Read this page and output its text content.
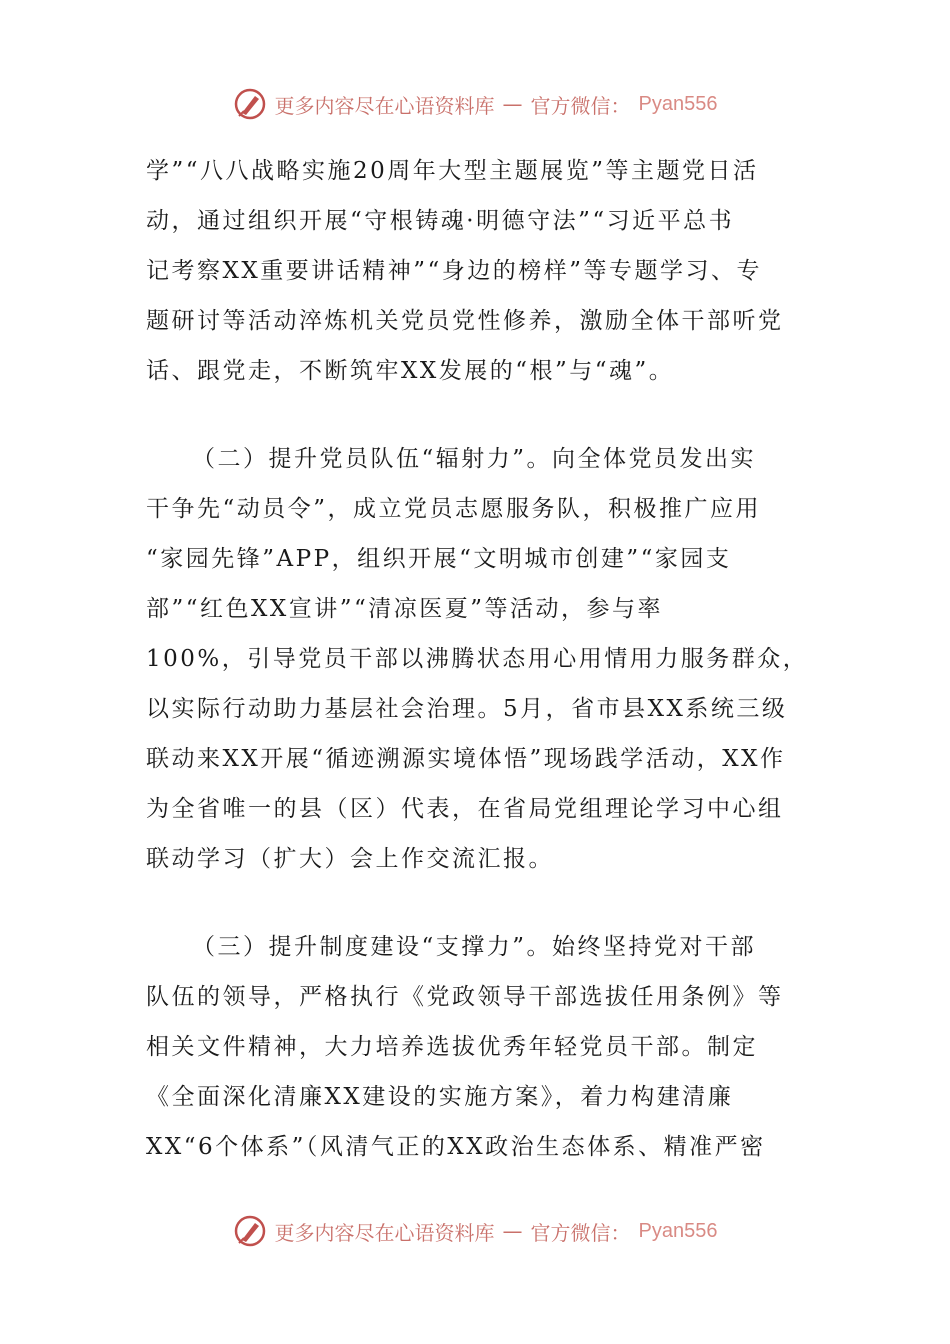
更多内容尽在心语资料库 — 官方微信： Pyan556
学”“八八战略实施20周年大型主题展览”等主题党日活
动，通过组织开展“守根铸魂·明德守法”“习近平总书
记考察XX重要讲话精神”“身边的榜样”等专题学习、专
题研讨等活动淬炼机关党员党性修养，激励全体干部听党
话、跟党走，不断筑牢XX发展的“根”与“魂”。
（二）提升党员队伍“辐射力”。向全体党员发出实
干争先“动员令”，成立党员志愿服务队，积极推广应用
“家园先锋”APP，组织开展“文明城市创建”“家园支
部”“红色XX宣讲”“清凉医夏”等活动，参与率
100%，引导党员干部以沸腾状态用心用情用力服务群众，
以实际行动助力基层社会治理。5月，省市县XX系统三级
联动来XX开展“循迹溯源实境体悟”现场践学活动，XX作
为全省唯一的县（区）代表，在省局党组理论学习中心组
联动学习（扩大）会上作交流汇报。
（三）提升制度建设“支撑力”。始终坚持党对干部
队伍的领导，严格执行《党政领导干部选拔任用条例》等
相关文件精神，大力培养选拔优秀年轻党员干部。制定
《全面深化清廉XX建设的实施方案》，着力构建清廉
XX“6个体系”（风清气正的XX政治生态体系、精准严密
更多内容尽在心语资料库 — 官方微信： Pyan556
